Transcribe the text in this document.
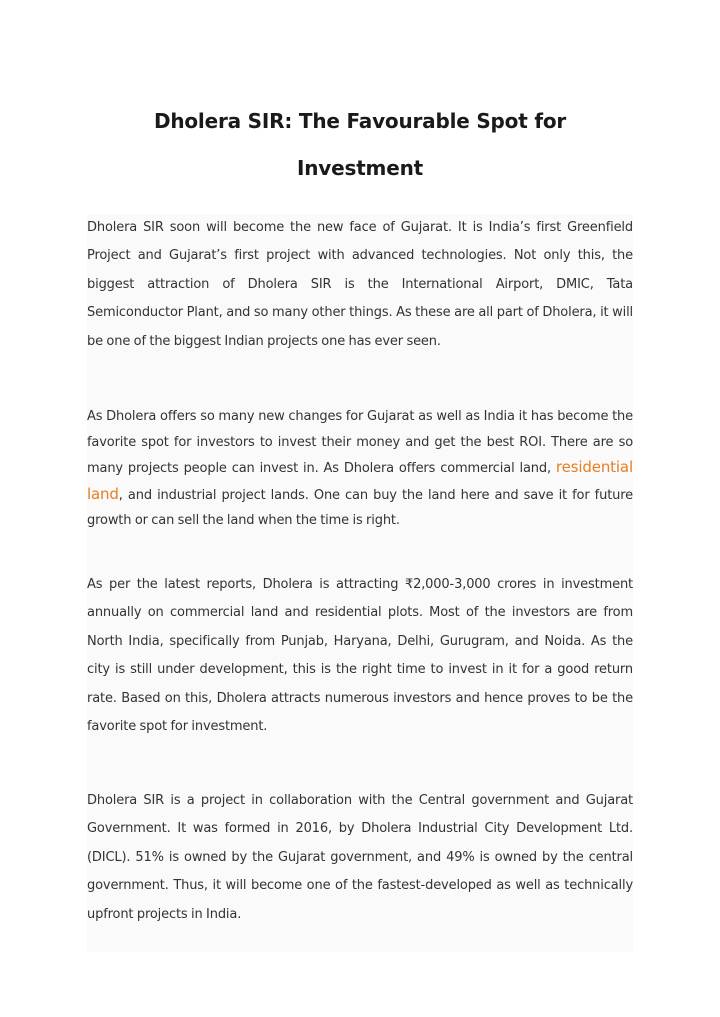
Dholera SIR: The Favourable Spot for
Investment

Dholera SIR soon will become the new face of Gujarat. It is India’s first Greenfield Project and Gujarat’s first project with advanced technologies. Not only this, the biggest attraction of Dholera SIR is the International Airport, DMIC, Tata Semiconductor Plant, and so many other things. As these are all part of Dholera, it will be one of the biggest Indian projects one has ever seen.

As Dholera offers so many new changes for Gujarat as well as India it has become the favorite spot for investors to invest their money and get the best ROI. There are so many projects people can invest in. As Dholera offers commercial land, residential land, and industrial project lands. One can buy the land here and save it for future growth or can sell the land when the time is right.

As per the latest reports, Dholera is attracting ₹2,000-3,000 crores in investment annually on commercial land and residential plots. Most of the investors are from North India, specifically from Punjab, Haryana, Delhi, Gurugram, and Noida. As the city is still under development, this is the right time to invest in it for a good return rate. Based on this, Dholera attracts numerous investors and hence proves to be the favorite spot for investment.

Dholera SIR is a project in collaboration with the Central government and Gujarat Government. It was formed in 2016, by Dholera Industrial City Development Ltd. (DICL). 51% is owned by the Gujarat government, and 49% is owned by the central government. Thus, it will become one of the fastest-developed as well as technically upfront projects in India.
